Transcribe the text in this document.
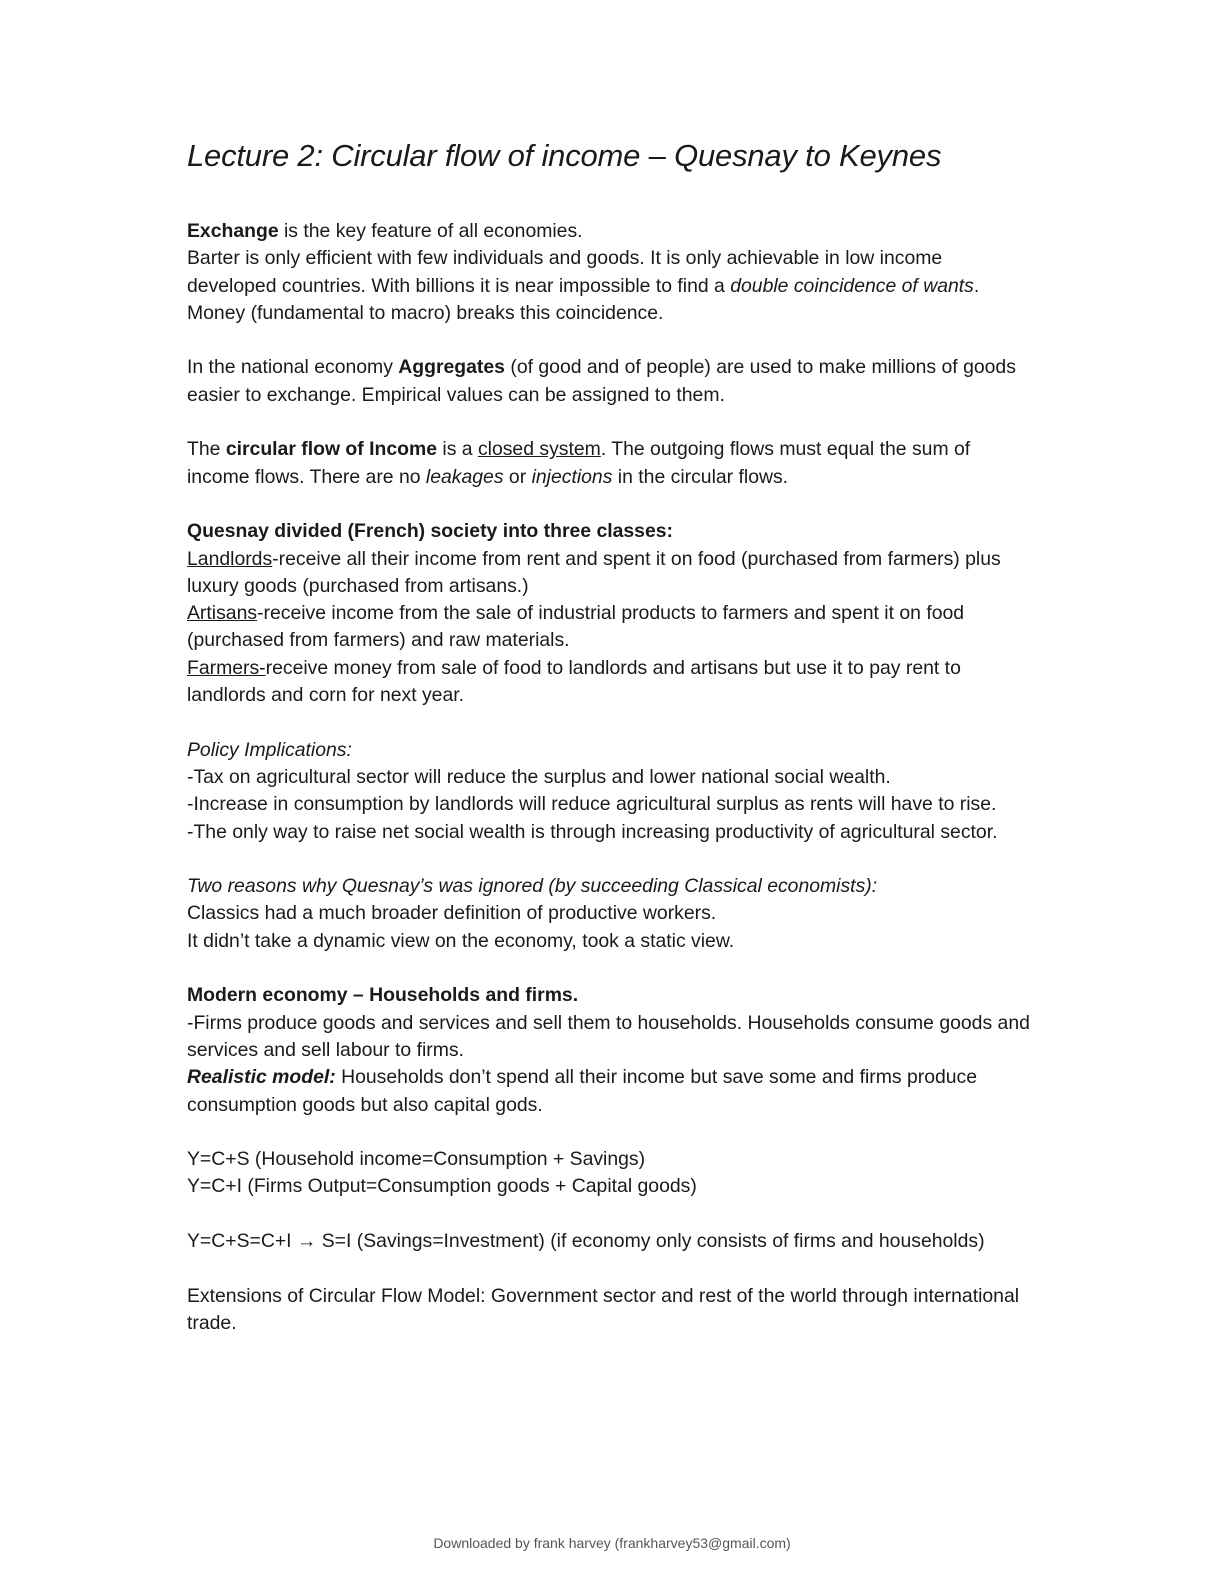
Lecture 2: Circular flow of income – Quesnay to Keynes

Exchange is the key feature of all economies.
Barter is only efficient with few individuals and goods. It is only achievable in low income developed countries. With billions it is near impossible to find a double coincidence of wants. Money (fundamental to macro) breaks this coincidence.

In the national economy Aggregates (of good and of people) are used to make millions of goods easier to exchange. Empirical values can be assigned to them.

The circular flow of Income is a closed system. The outgoing flows must equal the sum of income flows. There are no leakages or injections in the circular flows.

Quesnay divided (French) society into three classes:
Landlords-receive all their income from rent and spent it on food (purchased from farmers) plus luxury goods (purchased from artisans.)
Artisans-receive income from the sale of industrial products to farmers and spent it on food (purchased from farmers) and raw materials.
Farmers-receive money from sale of food to landlords and artisans but use it to pay rent to landlords and corn for next year.

Policy Implications:
-Tax on agricultural sector will reduce the surplus and lower national social wealth.
-Increase in consumption by landlords will reduce agricultural surplus as rents will have to rise.
-The only way to raise net social wealth is through increasing productivity of agricultural sector.

Two reasons why Quesnay’s was ignored (by succeeding Classical economists):
Classics had a much broader definition of productive workers.
It didn’t take a dynamic view on the economy, took a static view.

Modern economy – Households and firms.
-Firms produce goods and services and sell them to households. Households consume goods and services and sell labour to firms.
Realistic model: Households don’t spend all their income but save some and firms produce consumption goods but also capital gods.

Y=C+S (Household income=Consumption + Savings)
Y=C+I (Firms Output=Consumption goods + Capital goods)

Y=C+S=C+I → S=I (Savings=Investment) (if economy only consists of firms and households)

Extensions of Circular Flow Model: Government sector and rest of the world through international trade.

Downloaded by frank harvey (frankharvey53@gmail.com)
